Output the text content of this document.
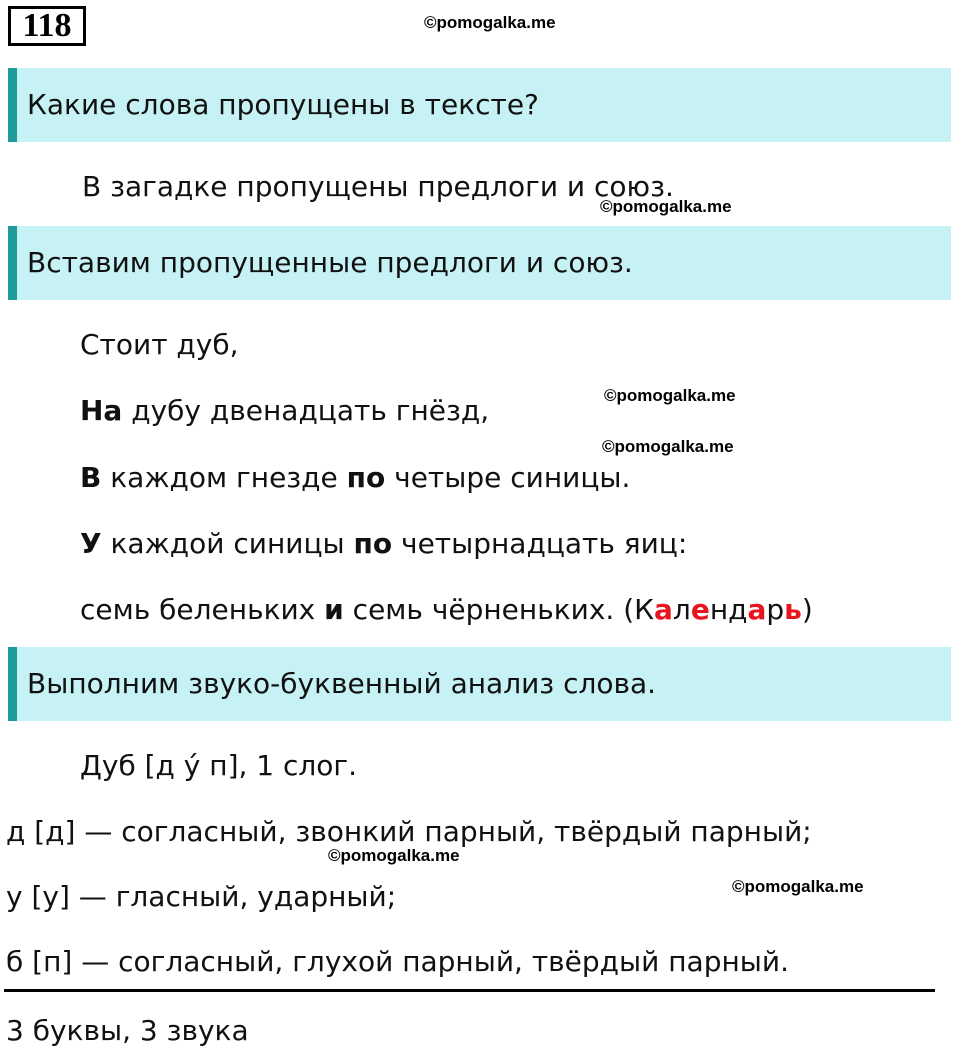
118	©pomogalka.me
Какие слова пропущены в тексте?
В загадке пропущены предлоги и союз.
©pomogalka.me
Вставим пропущенные предлоги и союз.
Стоит дуб,
©pomogalka.me
На дубу двенадцать гнёзд,
©pomogalka.me
В каждом гнезде по четыре синицы.
У каждой синицы по четырнадцать яиц:
семь беленьких и семь чёрненьких. (Календарь)
Выполним звуко-буквенный анализ слова.
Дуб [д у́ п], 1 слог.
д [д] — согласный, звонкий парный, твёрдый парный;
©pomogalka.me
у [у] — гласный, ударный;	©pomogalka.me
б [п] — согласный, глухой парный, твёрдый парный.
3 буквы, 3 звука
